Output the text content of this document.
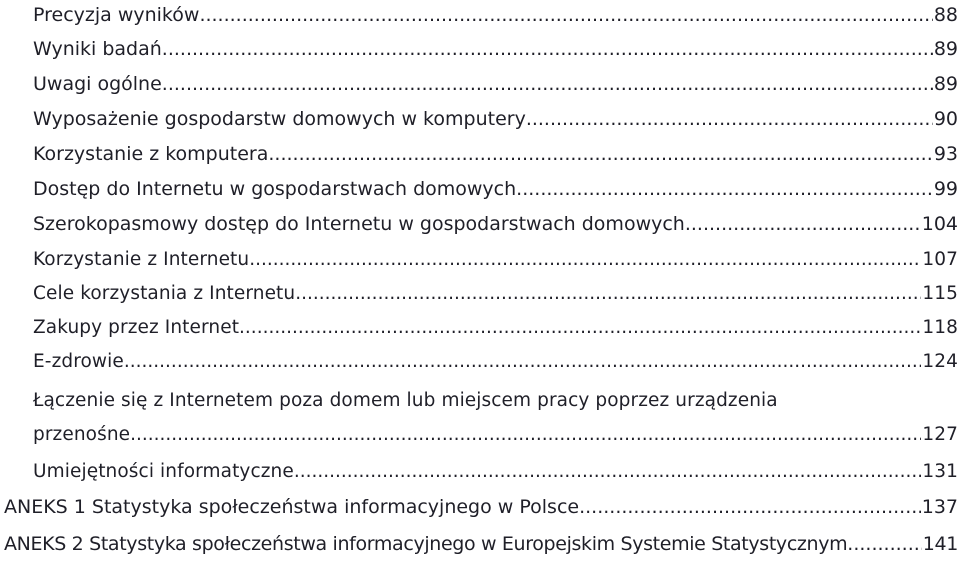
Precyzja wyników .....	88
Wyniki badań .....	89
Uwagi ogólne .....	89
Wyposażenie gospodarstw domowych w komputery .....	90
Korzystanie z komputera .....	93
Dostęp do Internetu w gospodarstwach domowych .....	99
Szerokopasmowy dostęp do Internetu w gospodarstwach domowych .....	104
Korzystanie z Internetu .....	107
Cele korzystania z Internetu .....	115
Zakupy przez Internet .....	118
E-zdrowie .....	124
Łączenie się z Internetem poza domem lub miejscem pracy poprzez urządzenia
przenośne .....	127
Umiejętności informatyczne .....	131
ANEKS 1 Statystyka społeczeństwa informacyjnego w Polsce .....	137
ANEKS 2 Statystyka społeczeństwa informacyjnego w Europejskim Systemie Statystycznym .....	141
